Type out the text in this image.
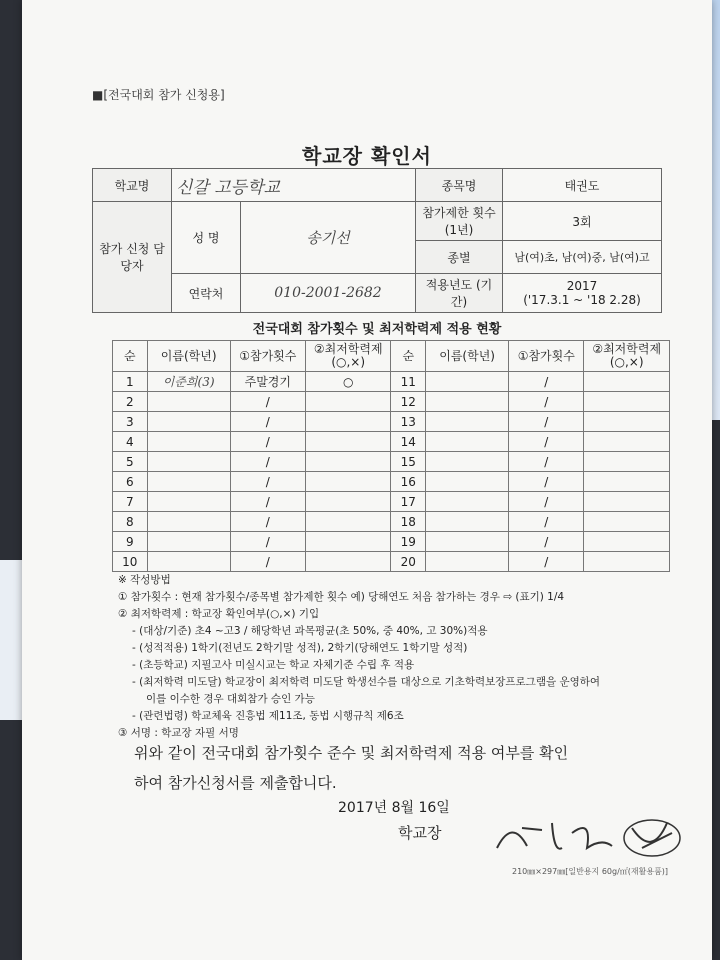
■[전국대회 참가 신청용]
학교장 확인서
학교명	신갈 고등학교		종목명	태권도
참가 신청 담당자	성 명	송기선	참가제한 횟수(1년)	3회
			종별	남(여)초, 남(여)중, 남(여)고
	연락처	010-2001-2682	적용년도 (기간)	2017
('17.3.1 ~ '18 2.28)
전국대회 참가횟수 및 최저학력제 적용 현황
순	이름(학년)	①참가횟수	②최저학력제 (○,×)	순	이름(학년)	①참가횟수	②최저학력제 (○,×)
1	이준희(3)	주말경기	○	11		/	
2		/		12		/	
3		/		13		/	
4		/		14		/	
5		/		15		/	
6		/		16		/	
7		/		17		/	
8		/		18		/	
9		/		19		/	
10		/		20		/	
※ 작성방법
① 참가횟수 : 현재 참가횟수/종목별 참가제한 횟수 예) 당해연도 처음 참가하는 경우 ⇨ (표기) 1/4
② 최저학력제 : 학교장 확인여부(○,×) 기입
- (대상/기준) 초4 ~고3 / 해당학년 과목평균(초 50%, 중 40%, 고 30%)적용
- (성적적용) 1학기(전년도 2학기말 성적), 2학기(당해연도 1학기말 성적)
- (초등학교) 지필고사 미실시교는 학교 자체기준 수립 후 적용
- (최저학력 미도달) 학교장이 최저학력 미도달 학생선수를 대상으로 기초학력보장프로그램을 운영하여
이를 이수한 경우 대회참가 승인 가능
- (관련법령) 학교체육 진흥법 제11조, 동법 시행규칙 제6조
③ 서명 : 학교장 자필 서명
위와 같이 전국대회 참가횟수 준수 및 최저학력제 적용 여부를 확인
하여 참가신청서를 제출합니다.
2017년 8월 16일
학교장
210㎜×297㎜[일반용지 60g/㎡(재활용품)]
